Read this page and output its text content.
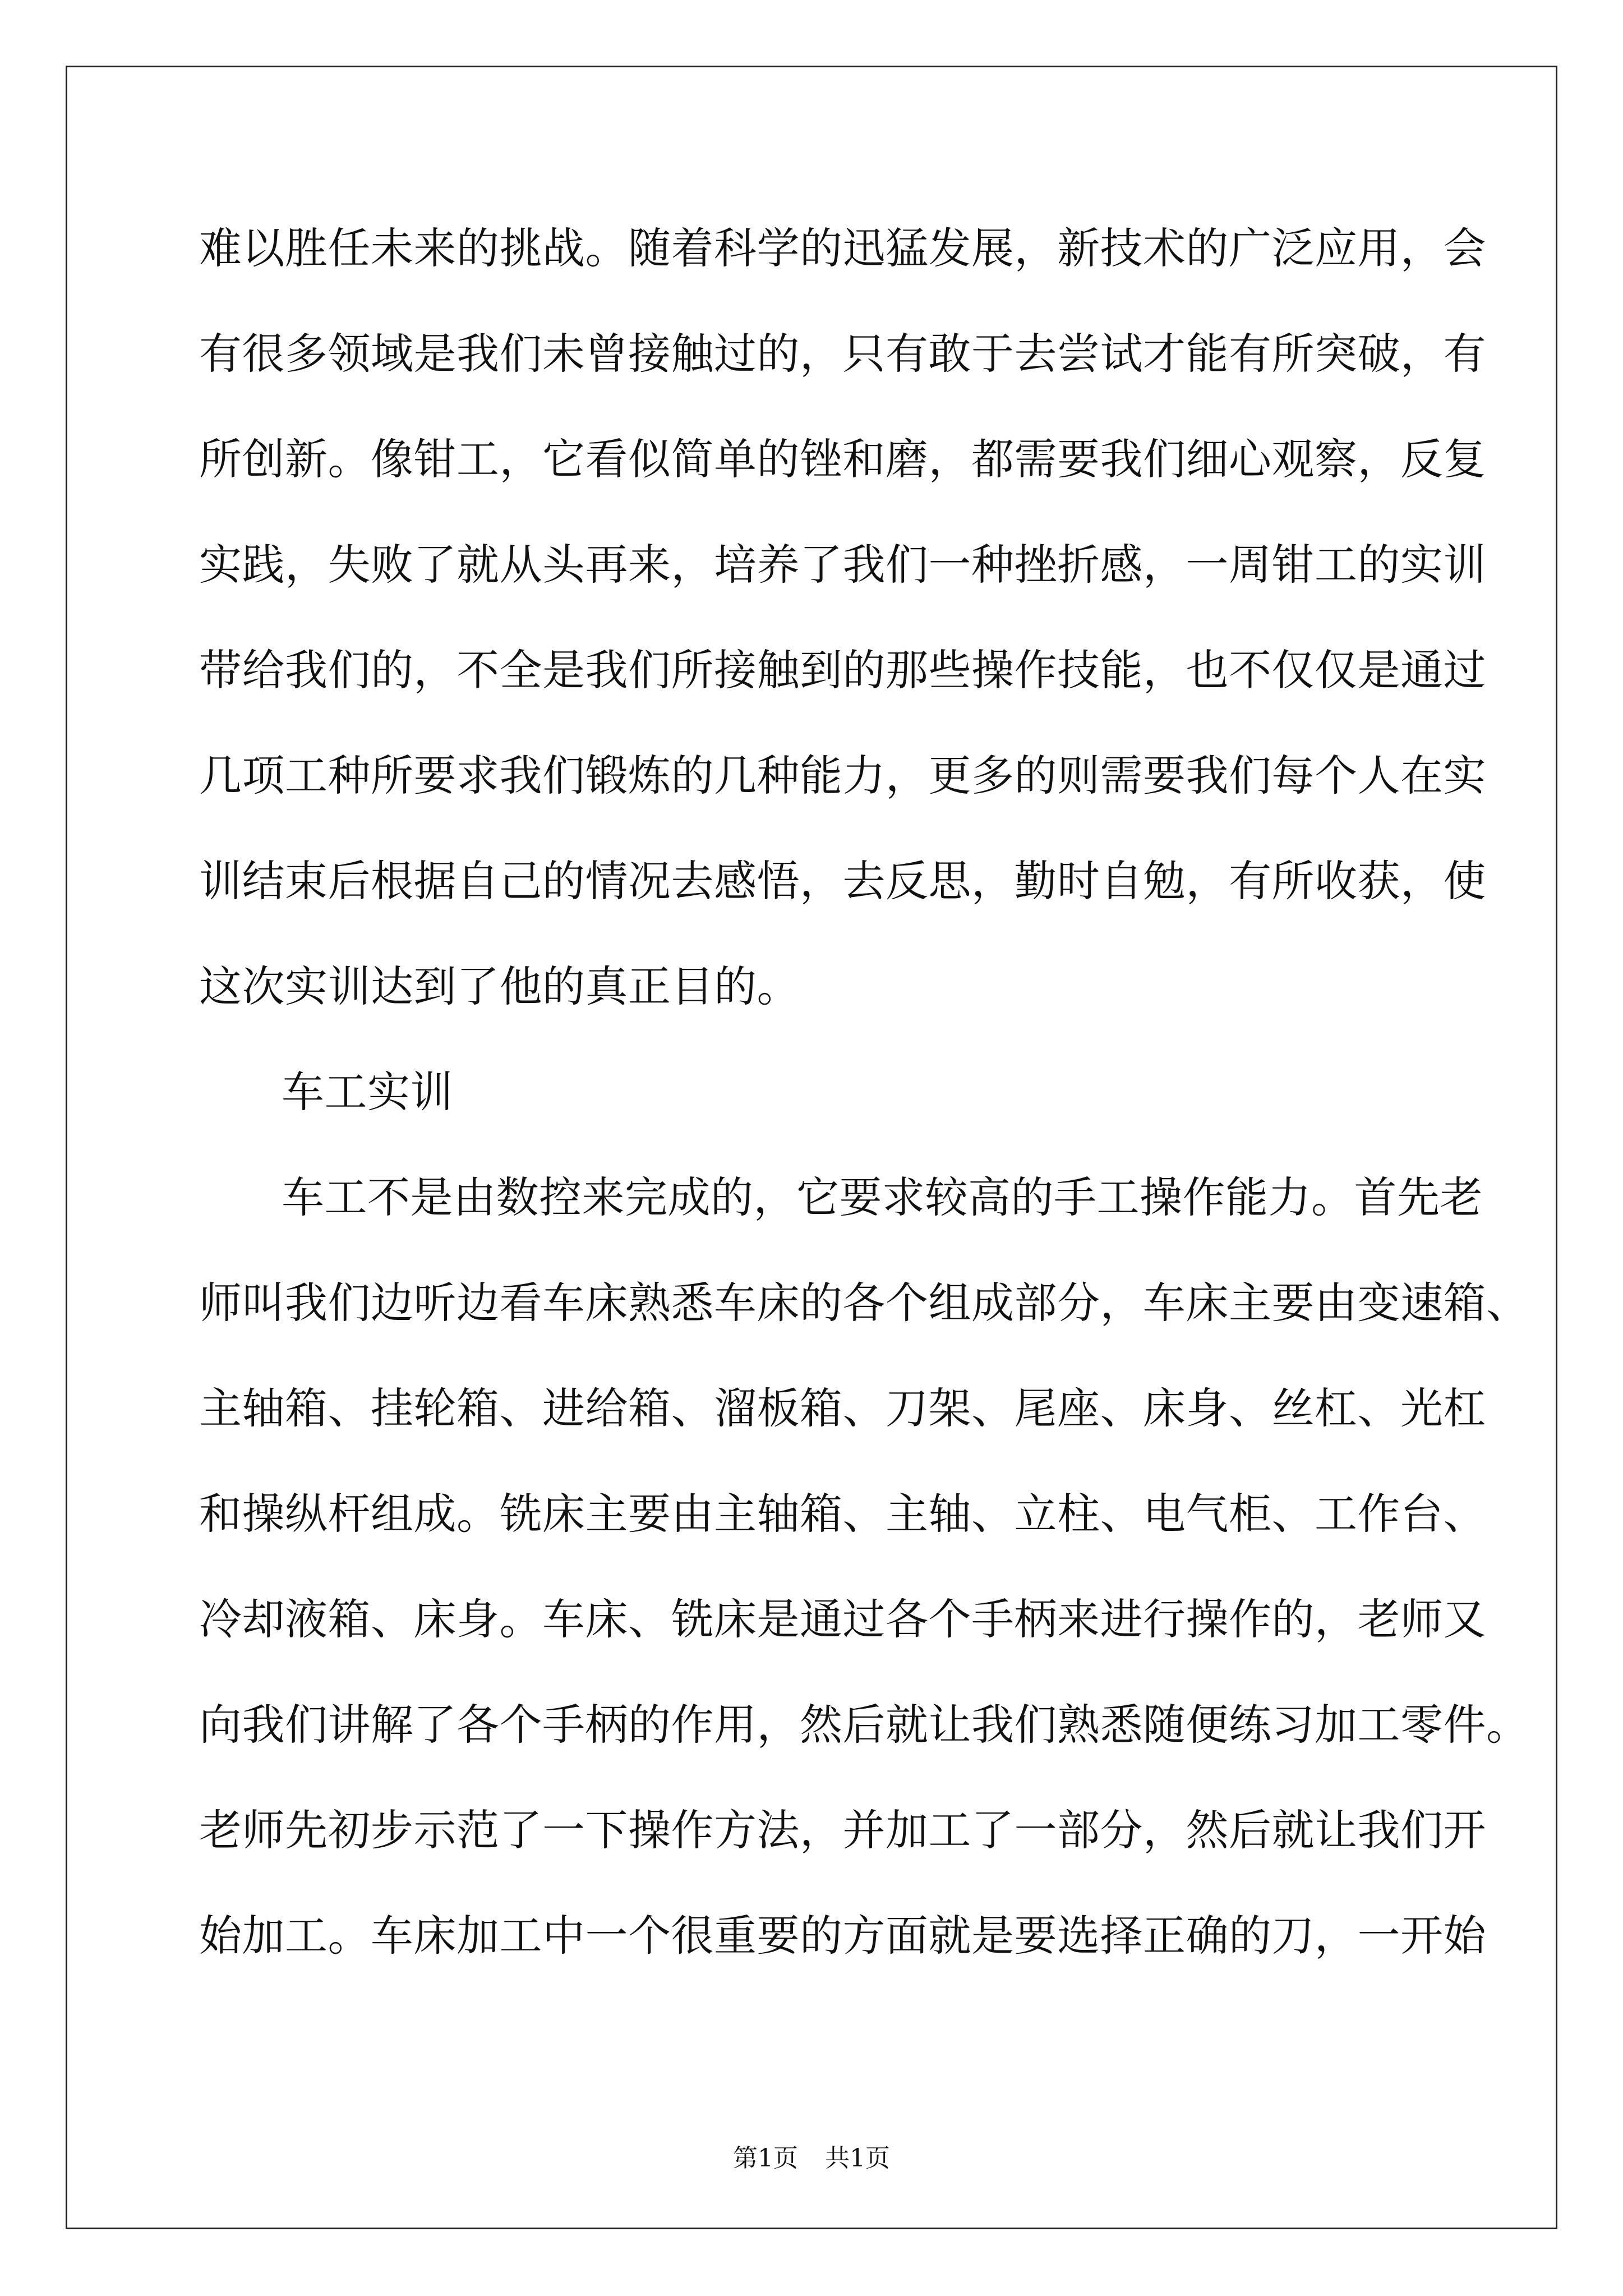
难以胜任未来的挑战。随着科学的迅猛发展，新技术的广泛应用，会
有很多领域是我们未曾接触过的，只有敢于去尝试才能有所突破，有
所创新。像钳工，它看似简单的锉和磨，都需要我们细心观察，反复
实践，失败了就从头再来，培养了我们一种挫折感，一周钳工的实训
带给我们的，不全是我们所接触到的那些操作技能，也不仅仅是通过
几项工种所要求我们锻炼的几种能力，更多的则需要我们每个人在实
训结束后根据自己的情况去感悟，去反思，勤时自勉，有所收获，使
这次实训达到了他的真正目的。
车工实训
车工不是由数控来完成的，它要求较高的手工操作能力。首先老
师叫我们边听边看车床熟悉车床的各个组成部分，车床主要由变速箱、
主轴箱、挂轮箱、进给箱、溜板箱、刀架、尾座、床身、丝杠、光杠
和操纵杆组成。铣床主要由主轴箱、主轴、立柱、电气柜、工作台、
冷却液箱、床身。车床、铣床是通过各个手柄来进行操作的，老师又
向我们讲解了各个手柄的作用，然后就让我们熟悉随便练习加工零件。
老师先初步示范了一下操作方法，并加工了一部分，然后就让我们开
始加工。车床加工中一个很重要的方面就是要选择正确的刀，一开始
第1页 共1页
